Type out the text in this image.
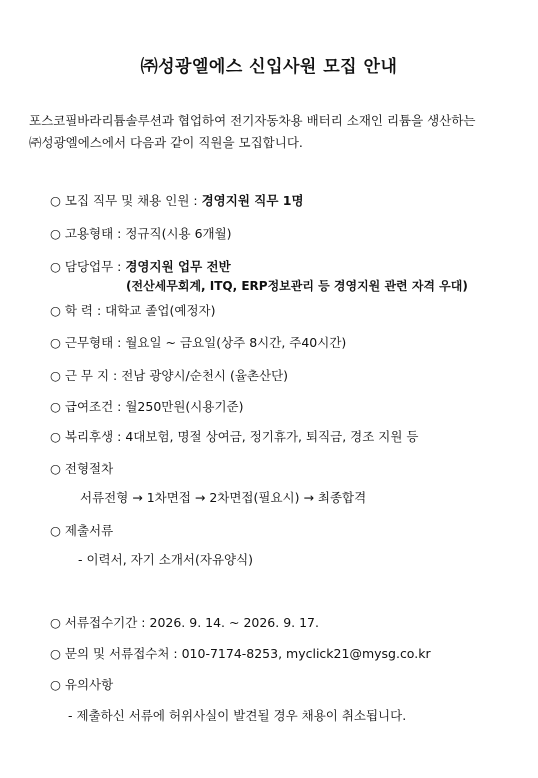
㈜성광엘에스 신입사원 모집 안내
포스코필바라리튬솔루션과 협업하여 전기자동차용 배터리 소재인 리튬을 생산하는
㈜성광엘에스에서 다음과 같이 직원을 모집합니다.
○ 모집 직무 및 채용 인원 : 경영지원 직무 1명
○ 고용형태 : 정규직(시용 6개월)
○ 담당업무 : 경영지원 업무 전반
(전산세무회계, ITQ, ERP정보관리 등 경영지원 관련 자격 우대)
○ 학 력 : 대학교 졸업(예정자)
○ 근무형태 : 월요일 ~ 금요일(상주 8시간, 주40시간)
○ 근 무 지 : 전남 광양시/순천시 (율촌산단)
○ 급여조건 : 월250만원(시용기준)
○ 복리후생 : 4대보험, 명절 상여금, 정기휴가, 퇴직금, 경조 지원 등
○ 전형절차
서류전형 → 1차면접 → 2차면접(필요시) → 최종합격
○ 제출서류
- 이력서, 자기 소개서(자유양식)
○ 서류접수기간 : 2026. 9. 14. ~ 2026. 9. 17.
○ 문의 및 서류접수처 : 010-7174-8253, myclick21@mysg.co.kr
○ 유의사항
- 제출하신 서류에 허위사실이 발견될 경우 채용이 취소됩니다.
